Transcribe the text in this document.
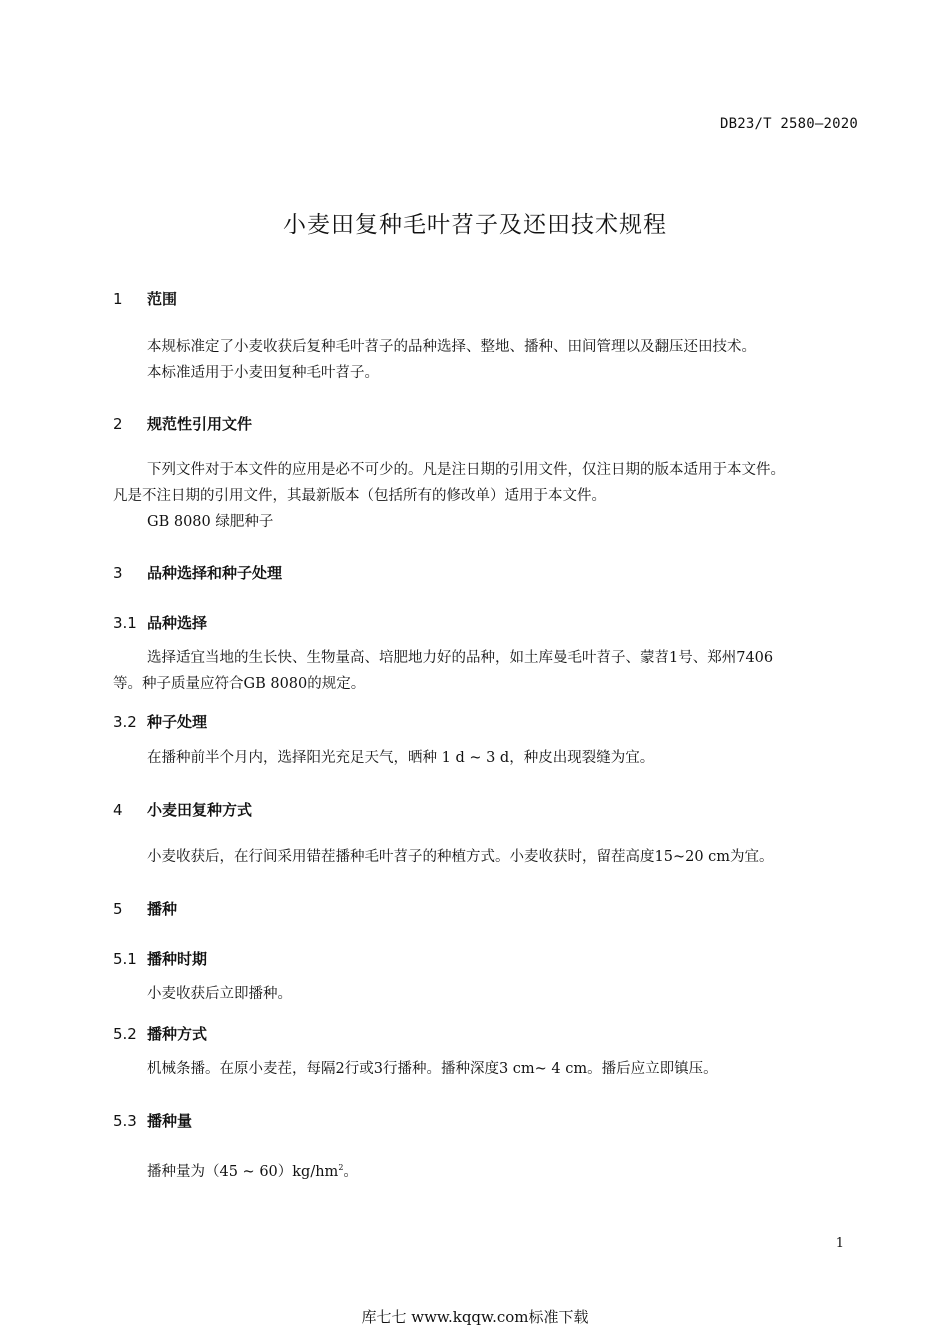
DB23/T 2580—2020
小麦田复种毛叶苕子及还田技术规程
1 范围
本规标准定了小麦收获后复种毛叶苕子的品种选择、整地、播种、田间管理以及翻压还田技术。
本标准适用于小麦田复种毛叶苕子。
2 规范性引用文件
下列文件对于本文件的应用是必不可少的。凡是注日期的引用文件，仅注日期的版本适用于本文件。
凡是不注日期的引用文件，其最新版本（包括所有的修改单）适用于本文件。
GB 8080 绿肥种子
3 品种选择和种子处理
3.1 品种选择
选择适宜当地的生长快、生物量高、培肥地力好的品种，如土库曼毛叶苕子、蒙苕1号、郑州7406
等。种子质量应符合GB 8080的规定。
3.2 种子处理
在播种前半个月内，选择阳光充足天气，晒种 1 d ~ 3 d，种皮出现裂缝为宜。
4 小麦田复种方式
小麦收获后，在行间采用错茬播种毛叶苕子的种植方式。小麦收获时，留茬高度15~20 cm为宜。
5 播种
5.1 播种时期
小麦收获后立即播种。
5.2 播种方式
机械条播。在原小麦茬，每隔2行或3行播种。播种深度3 cm~ 4 cm。播后应立即镇压。
5.3 播种量
播种量为（45 ~ $60)kg/hm^2$。
1
库七七 www.kqqw.com标准下载
